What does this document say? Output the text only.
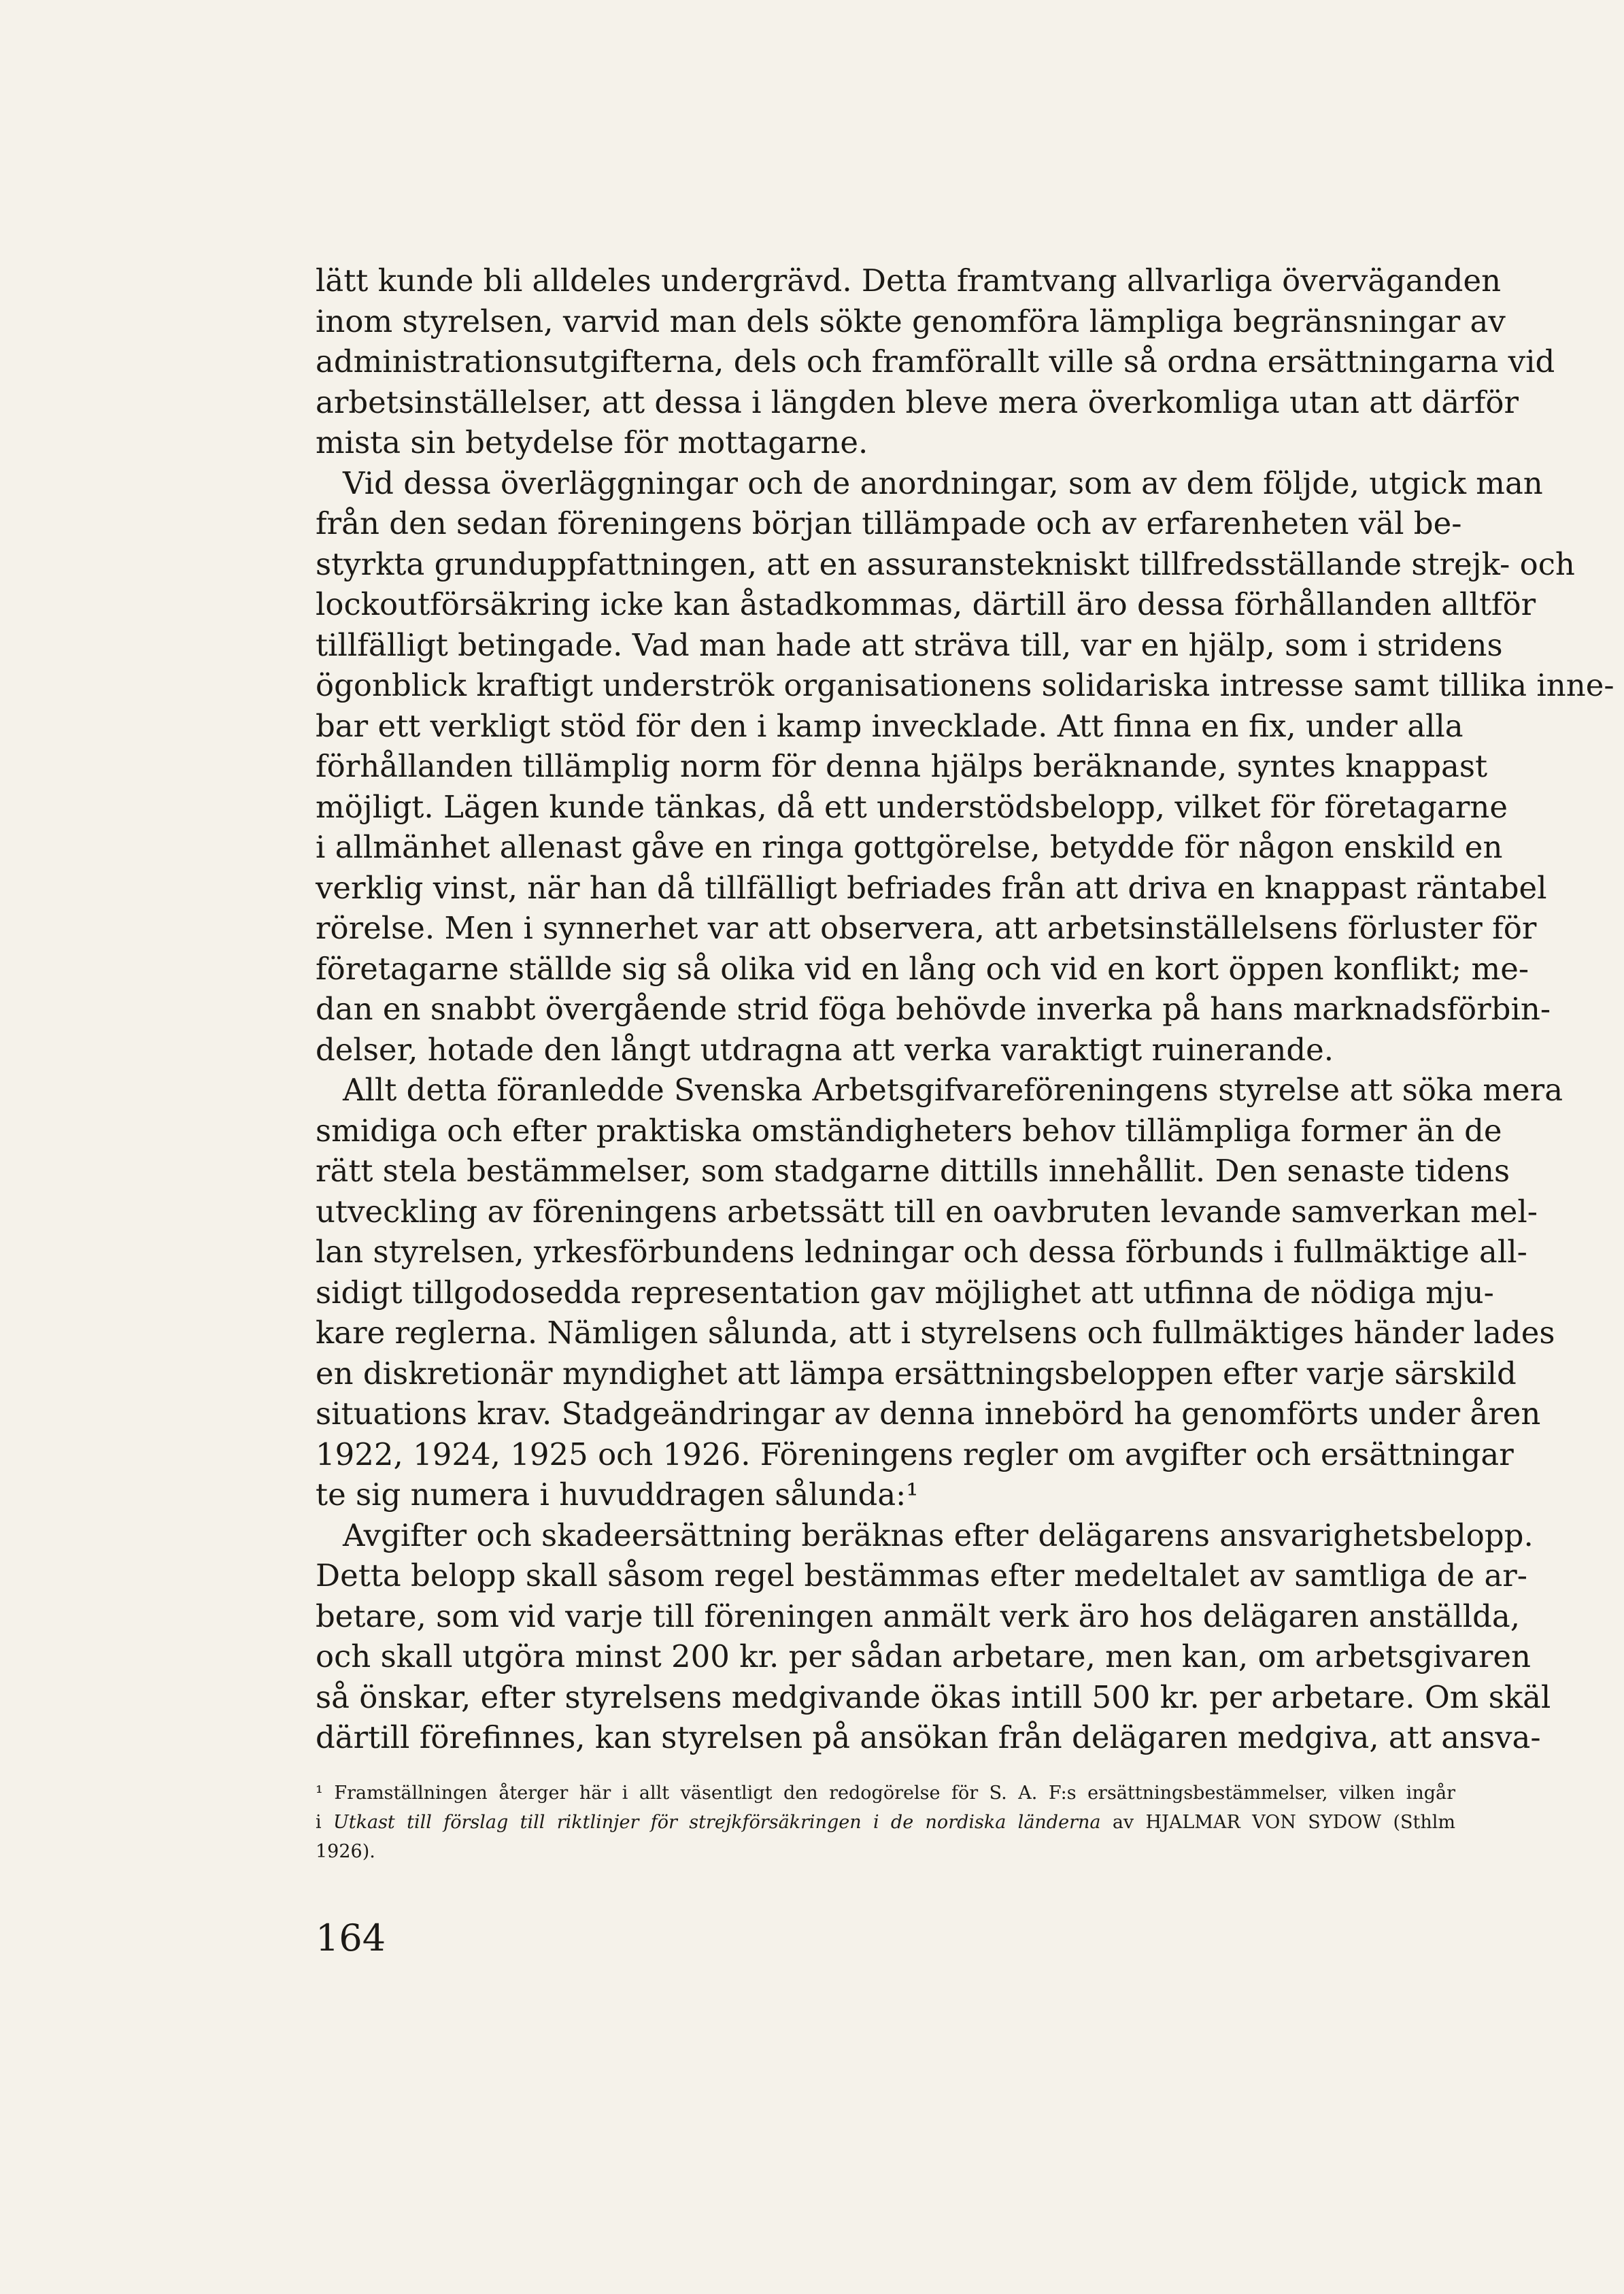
lätt kunde bli alldeles undergrävd. Detta framtvang allvarliga överväganden
inom styrelsen, varvid man dels sökte genomföra lämpliga begränsningar av
administrationsutgifterna, dels och framförallt ville så ordna ersättningarna vid
arbetsinställelser, att dessa i längden bleve mera överkomliga utan att därför
mista sin betydelse för mottagarne.
Vid dessa överläggningar och de anordningar, som av dem följde, utgick man
från den sedan föreningens början tillämpade och av erfarenheten väl be-
styrkta grunduppfattningen, att en assuranstekniskt tillfredsställande strejk- och
lockoutförsäkring icke kan åstadkommas, därtill äro dessa förhållanden alltför
tillfälligt betingade. Vad man hade att sträva till, var en hjälp, som i stridens
ögonblick kraftigt underströk organisationens solidariska intresse samt tillika inne-
bar ett verkligt stöd för den i kamp invecklade. Att finna en fix, under alla
förhållanden tillämplig norm för denna hjälps beräknande, syntes knappast
möjligt. Lägen kunde tänkas, då ett understödsbelopp, vilket för företagarne
i allmänhet allenast gåve en ringa gottgörelse, betydde för någon enskild en
verklig vinst, när han då tillfälligt befriades från att driva en knappast räntabel
rörelse. Men i synnerhet var att observera, att arbetsinställelsens förluster för
företagarne ställde sig så olika vid en lång och vid en kort öppen konflikt; me-
dan en snabbt övergående strid föga behövde inverka på hans marknadsförbin-
delser, hotade den långt utdragna att verka varaktigt ruinerande.
Allt detta föranledde Svenska Arbetsgifvareföreningens styrelse att söka mera
smidiga och efter praktiska omständigheters behov tillämpliga former än de
rätt stela bestämmelser, som stadgarne dittills innehållit. Den senaste tidens
utveckling av föreningens arbetssätt till en oavbruten levande samverkan mel-
lan styrelsen, yrkesförbundens ledningar och dessa förbunds i fullmäktige all-
sidigt tillgodosedda representation gav möjlighet att utfinna de nödiga mju-
kare reglerna. Nämligen sålunda, att i styrelsens och fullmäktiges händer lades
en diskretionär myndighet att lämpa ersättningsbeloppen efter varje särskild
situations krav. Stadgeändringar av denna innebörd ha genomförts under åren
1922, 1924, 1925 och 1926. Föreningens regler om avgifter och ersättningar
te sig numera i huvuddragen sålunda:¹
Avgifter och skadeersättning beräknas efter delägarens ansvarighetsbelopp.
Detta belopp skall såsom regel bestämmas efter medeltalet av samtliga de ar-
betare, som vid varje till föreningen anmält verk äro hos delägaren anställda,
och skall utgöra minst 200 kr. per sådan arbetare, men kan, om arbetsgivaren
så önskar, efter styrelsens medgivande ökas intill 500 kr. per arbetare. Om skäl
därtill förefinnes, kan styrelsen på ansökan från delägaren medgiva, att ansva-
¹ Framställningen återger här i allt väsentligt den redogörelse för S. A. F:s ersättningsbestämmelser, vilken ingår
i Utkast till förslag till riktlinjer för strejkförsäkringen i de nordiska länderna av HJALMAR VON SYDOW (Sthlm
1926).
164
